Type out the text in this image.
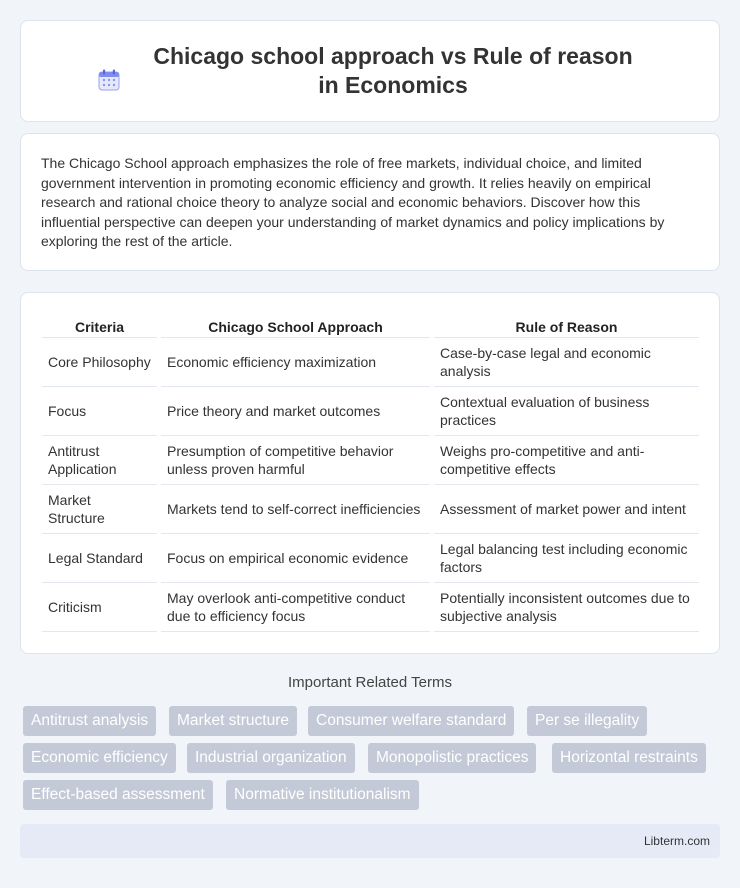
Chicago school approach vs Rule of reason in Economics

The Chicago School approach emphasizes the role of free markets, individual choice, and limited government intervention in promoting economic efficiency and growth. It relies heavily on empirical research and rational choice theory to analyze social and economic behaviors. Discover how this influential perspective can deepen your understanding of market dynamics and policy implications by exploring the rest of the article.

Criteria	Chicago School Approach	Rule of Reason
Core Philosophy	Economic efficiency maximization	Case-by-case legal and economic analysis
Focus	Price theory and market outcomes	Contextual evaluation of business practices
Antitrust Application	Presumption of competitive behavior unless proven harmful	Weighs pro-competitive and anti-competitive effects
Market Structure	Markets tend to self-correct inefficiencies	Assessment of market power and intent
Legal Standard	Focus on empirical economic evidence	Legal balancing test including economic factors
Criticism	May overlook anti-competitive conduct due to efficiency focus	Potentially inconsistent outcomes due to subjective analysis
Important Related Terms
Antitrust analysis	Market structure	Consumer welfare standard	Per se illegality
Economic efficiency	Industrial organization	Monopolistic practices	Horizontal restraints
Effect-based assessment	Normative institutionalism
Libterm.com
